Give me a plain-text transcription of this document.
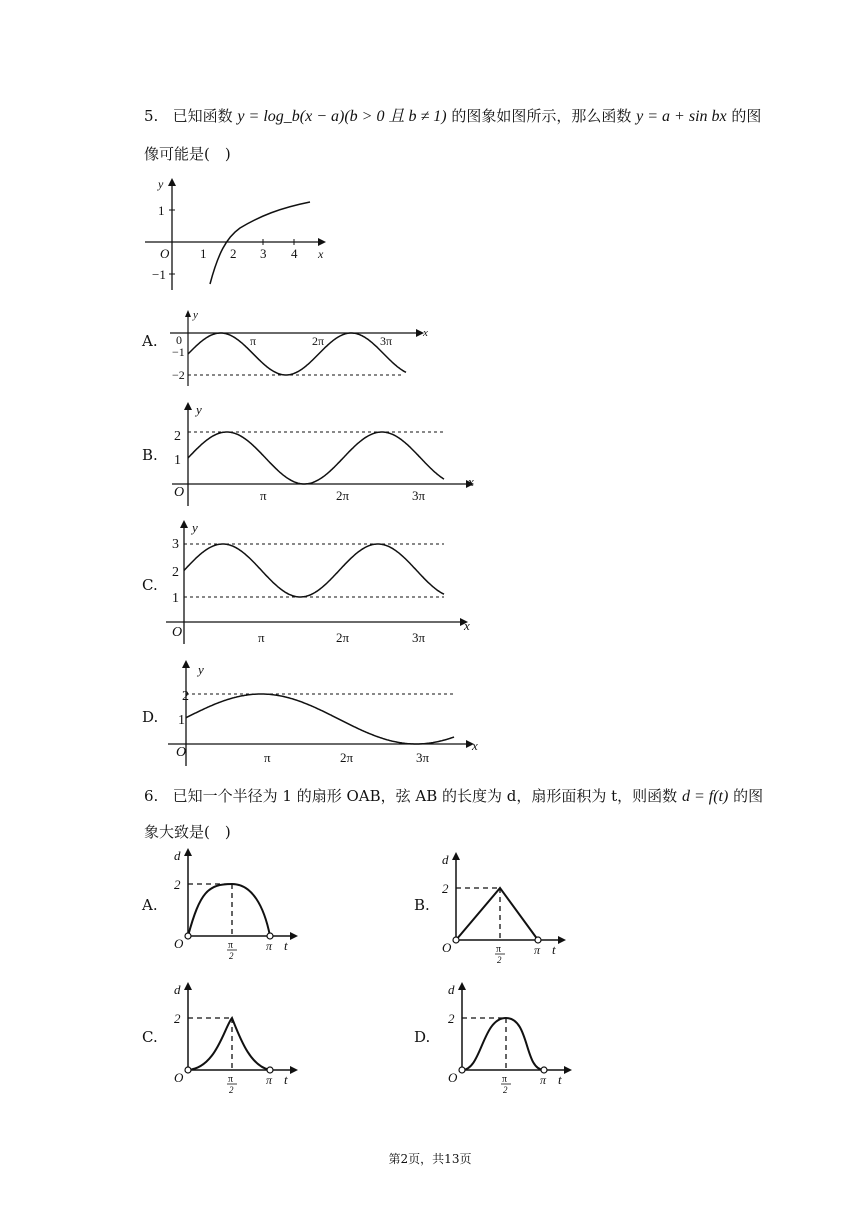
5. 已知函数 y = log_b(x − a)(b > 0 且 b ≠ 1) 的图象如图所示，那么函数 y = a + sin bx 的图
像可能是(　)
y
x
O 1 2 3 4
1
−1
A.
y
x
0
−1
−2
π	2π	3π
B.
y
x
2
1
O	π	2π	3π
C.
y
x
3
2
1
O	π	2π	3π
D.
y
x
2
1
O	π	2π	3π
6. 已知一个半径为 1 的扇形 OAB，弦 AB 的长度为 d，扇形面积为 t，则函数 d = f(t) 的图
象大致是(　)
A.
d
t
O
2
π
2
π
B.
d
t
O
2
π
2
π
C.
d
t
O
2
π
2
π
D.
d
t
O
2
π
2
π
第2页，共13页
